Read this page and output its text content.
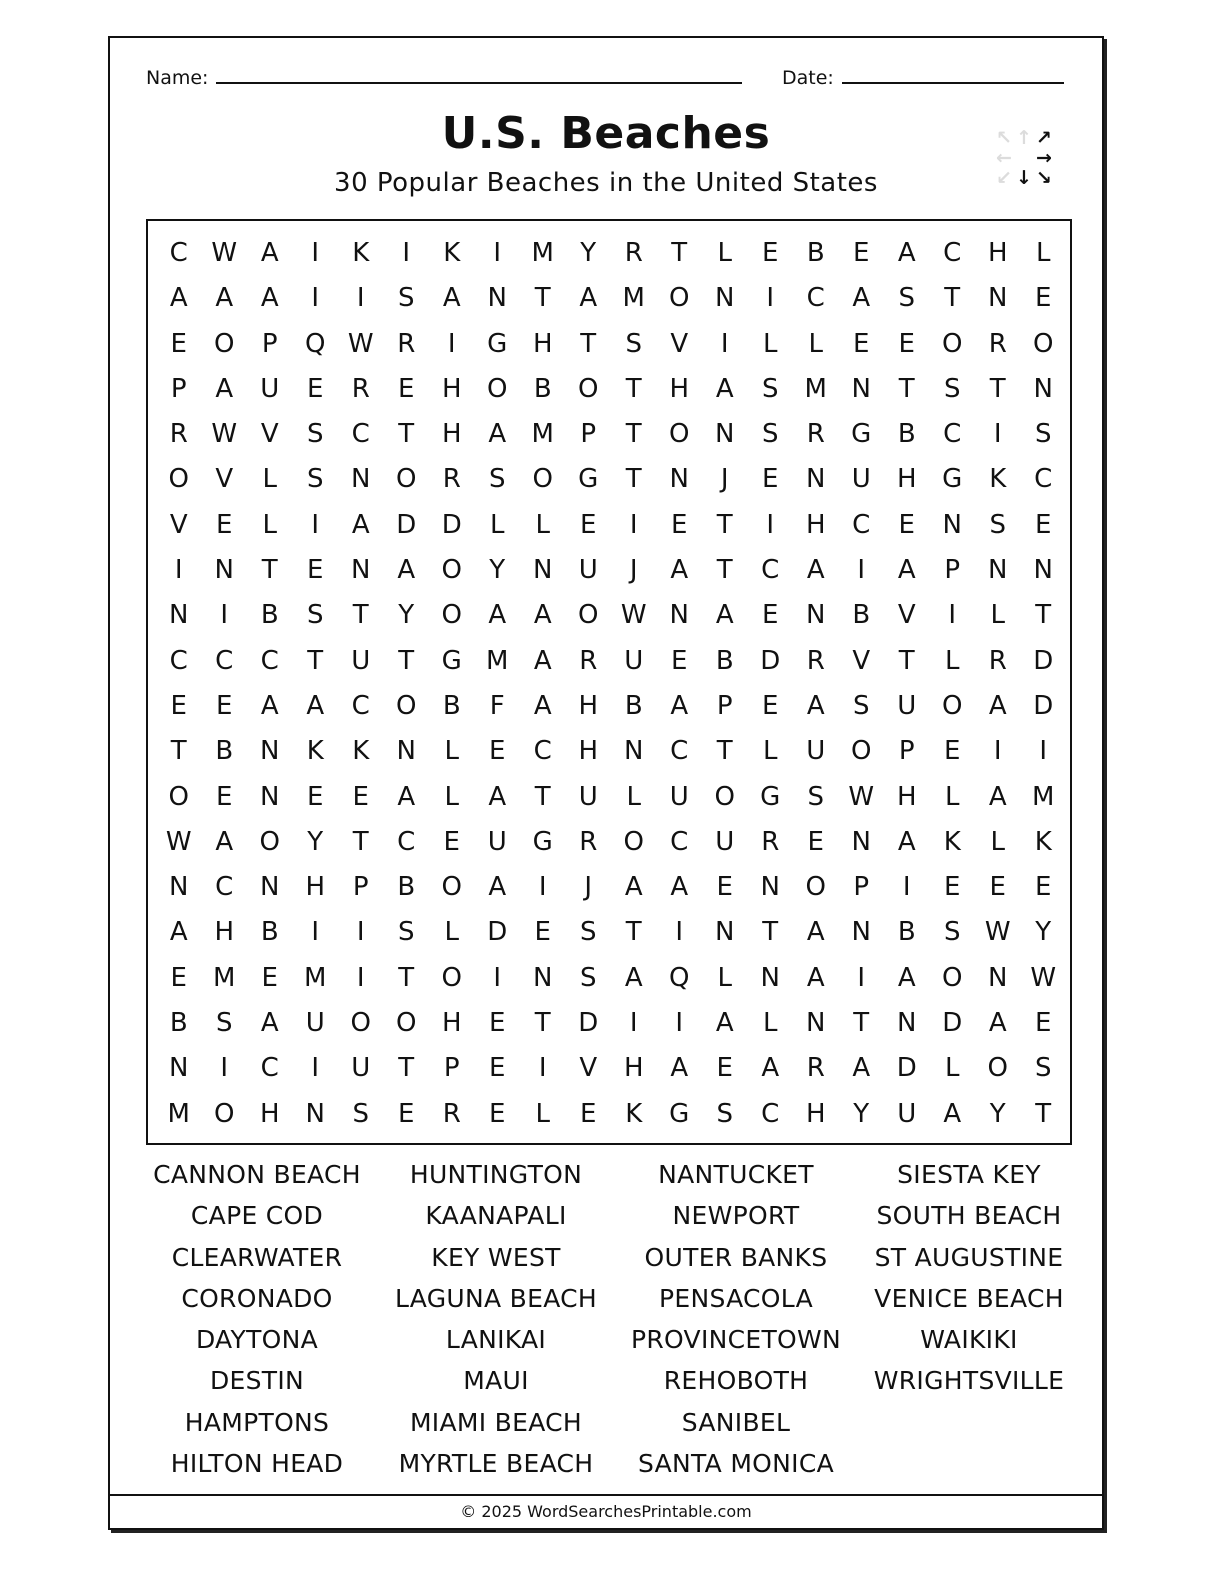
Name:	Date:
U.S. Beaches
30 Popular Beaches in the United States
↖ ↑ ↗
← →
↙ ↓ ↘
C W A	I	K	I	K	I	M	Y	R	T	L	E	B	E	A	C	H	L
A	A	A	I	I	S	A	N	T	A M O N	I	C	A	S	T	N	E
E	O	P	Q W R	I	G H	T	S	V	I	L	L	E	E	O	R	O
P	A	U	E	R	E	H O	B	O	T	H	A	S	M N	T	S	T	N
R W V	S	C	T	H	A M	P	T	O N	S	R	G	B	C	I	S
O	V	L	S	N O	R	S	O G	T	N	J	E	N	U	H G	K	C
V	E	L	I	A	D D	L	L	E	I	E	T	I	H	C	E	N	S	E
I	N	T	E	N	A	O	Y	N	U	J	A	T	C	A	I	A	P	N	N
N	I	B	S	T	Y	O	A	A	O W N	A	E	N	B	V	I	L	T
C	C	C	T	U	T	G M A	R	U	E	B	D	R	V	T	L	R	D
E	E	A	A	C	O	B	F	A	H	B	A	P	E	A	S	U O	A	D
T	B	N	K	K	N	L	E	C	H N	C	T	L	U O	P	E	I	I
O	E	N	E	E	A	L	A	T	U	L	U O G	S W H	L	A M
W A	O	Y	T	C	E	U G	R	O	C	U	R	E	N	A	K	L	K
N	C	N	H	P	B	O	A	I	J	A	A	E	N O	P	I	E	E	E
A	H	B	I	I	S	L	D	E	S	T	I	N	T	A	N	B	S W Y
E	M	E	M	I	T	O	I	N	S	A	Q	L	N	A	I	A	O N W
B	S	A	U O O H	E	T	D	I	I	A	L	N	T	N D	A	E
N	I	C	I	U	T	P	E	I	V	H	A	E	A	R	A	D	L	O	S
M O H N	S	E	R	E	L	E	K	G	S	C	H	Y	U	A	Y	T
CANNON BEACH
CAPE COD
CLEARWATER
CORONADO
DAYTONA
DESTIN
HAMPTONS
HILTON HEAD
HUNTINGTON
KAANAPALI
KEY WEST
LAGUNA BEACH
LANIKAI
MAUI
MIAMI BEACH
MYRTLE BEACH
NANTUCKET
NEWPORT
OUTER BANKS
PENSACOLA
PROVINCETOWN
REHOBOTH
SANIBEL
SANTA MONICA
SIESTA KEY
SOUTH BEACH
ST AUGUSTINE
VENICE BEACH
WAIKIKI
WRIGHTSVILLE
© 2025 WordSearchesPrintable.com
